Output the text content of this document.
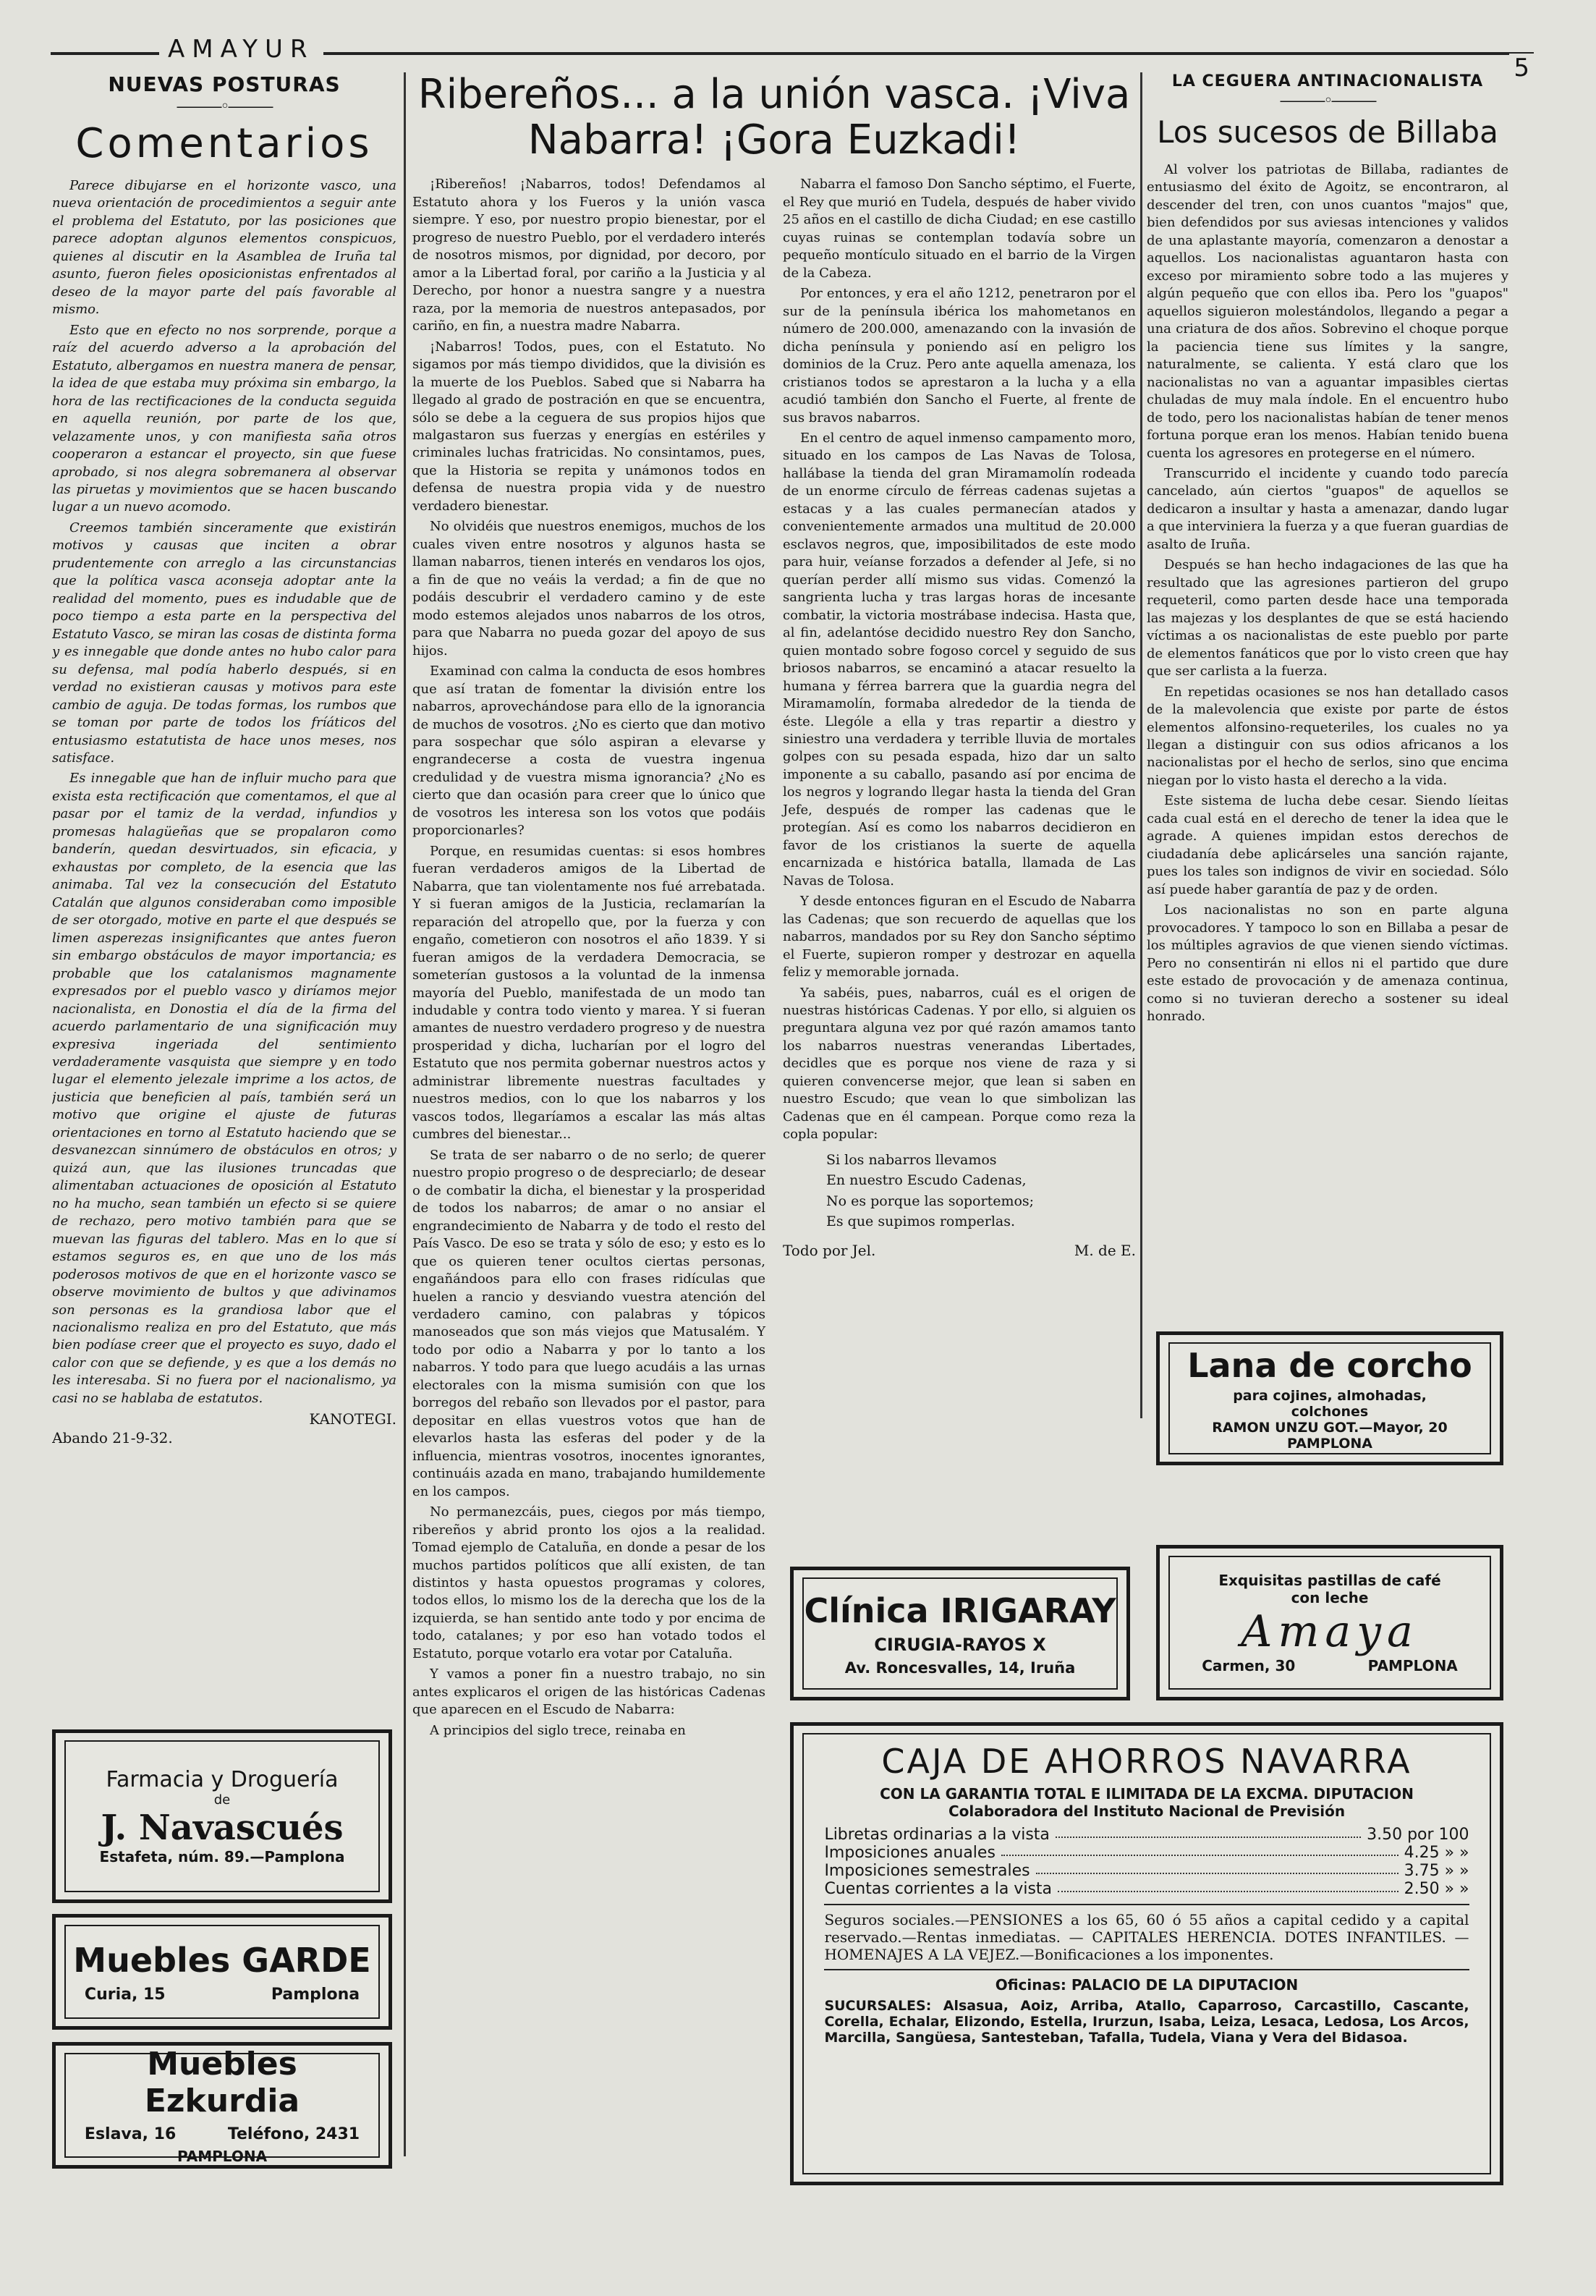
AMAYUR
5
NUEVAS POSTURAS
―――◦―――
Comentarios

Parece dibujarse en el horizonte vasco, una nueva orientación de procedimientos a seguir ante el problema del Estatuto, por las posiciones que parece adoptan algunos elementos conspicuos, quienes al discutir en la Asamblea de Iruña tal asunto, fueron fieles oposicionistas enfrentados al deseo de la mayor parte del país favorable al mismo.

Esto que en efecto no nos sorprende, porque a raíz del acuerdo adverso a la aprobación del Estatuto, albergamos en nuestra manera de pensar, la idea de que estaba muy próxima sin embargo, la hora de las rectificaciones de la conducta seguida en aquella reunión, por parte de los que, velazamente unos, y con manifiesta saña otros cooperaron a estancar el proyecto, sin que fuese aprobado, si nos alegra sobremanera al observar las piruetas y movimientos que se hacen buscando lugar a un nuevo acomodo.

Creemos también sinceramente que existirán motivos y causas que inciten a obrar prudentemente con arreglo a las circunstancias que la política vasca aconseja adoptar ante la realidad del momento, pues es indudable que de poco tiempo a esta parte en la perspectiva del Estatuto Vasco, se miran las cosas de distinta forma y es innegable que donde antes no hubo calor para su defensa, mal podía haberlo después, si en verdad no existieran causas y motivos para este cambio de aguja. De todas formas, los rumbos que se toman por parte de todos los fríáticos del entusiasmo estatutista de hace unos meses, nos satisface.

Es innegable que han de influir mucho para que exista esta rectificación que comentamos, el que al pasar por el tamiz de la verdad, infundios y promesas halagüeñas que se propalaron como banderín, quedan desvirtuados, sin eficacia, y exhaustas por completo, de la esencia que las animaba. Tal vez la consecución del Estatuto Catalán que algunos consideraban como imposible de ser otorgado, motive en parte el que después se limen asperezas insignificantes que antes fueron sin embargo obstáculos de mayor importancia; es probable que los catalanismos magnamente expresados por el pueblo vasco y diríamos mejor nacionalista, en Donostia el día de la firma del acuerdo parlamentario de una significación muy expresiva ingeriada del sentimiento verdaderamente vasquista que siempre y en todo lugar el elemento jelezale imprime a los actos, de justicia que beneficien al país, también será un motivo que origine el ajuste de futuras orientaciones en torno al Estatuto haciendo que se desvanezcan sinnúmero de obstáculos en otros; y quizá aun, que las ilusiones truncadas que alimentaban actuaciones de oposición al Estatuto no ha mucho, sean también un efecto si se quiere de rechazo, pero motivo también para que se muevan las figuras del tablero. Mas en lo que sí estamos seguros es, en que uno de los más poderosos motivos de que en el horizonte vasco se observe movimiento de bultos y que adivinamos son personas es la grandiosa labor que el nacionalismo realiza en pro del Estatuto, que más bien podíase creer que el proyecto es suyo, dado el calor con que se defiende, y es que a los demás no les interesaba. Si no fuera por el nacionalismo, ya casi no se hablaba de estatutos.

KANOTEGI.
Abando 21-9-32.
Ribereños... a la unión vasca. ¡Viva Nabarra! ¡Gora Euzkadi!

¡Ribereños! ¡Nabarros, todos! Defendamos al Estatuto ahora y los Fueros y la unión vasca siempre. Y eso, por nuestro propio bienestar, por el progreso de nuestro Pueblo, por el verdadero interés de nosotros mismos, por dignidad, por decoro, por amor a la Libertad foral, por cariño a la Justicia y al Derecho, por honor a nuestra sangre y a nuestra raza, por la memoria de nuestros antepasados, por cariño, en fin, a nuestra madre Nabarra.

¡Nabarros! Todos, pues, con el Estatuto. No sigamos por más tiempo divididos, que la división es la muerte de los Pueblos. Sabed que si Nabarra ha llegado al grado de postración en que se encuentra, sólo se debe a la ceguera de sus propios hijos que malgastaron sus fuerzas y energías en estériles y criminales luchas fratricidas. No consintamos, pues, que la Historia se repita y unámonos todos en defensa de nuestra propia vida y de nuestro verdadero bienestar.

No olvidéis que nuestros enemigos, muchos de los cuales viven entre nosotros y algunos hasta se llaman nabarros, tienen interés en vendaros los ojos, a fin de que no veáis la verdad; a fin de que no podáis descubrir el verdadero camino y de este modo estemos alejados unos nabarros de los otros, para que Nabarra no pueda gozar del apoyo de sus hijos.

Examinad con calma la conducta de esos hombres que así tratan de fomentar la división entre los nabarros, aprovechándose para ello de la ignorancia de muchos de vosotros. ¿No es cierto que dan motivo para sospechar que sólo aspiran a elevarse y engrandecerse a costa de vuestra ingenua credulidad y de vuestra misma ignorancia? ¿No es cierto que dan ocasión para creer que lo único que de vosotros les interesa son los votos que podáis proporcionarles?

Porque, en resumidas cuentas: si esos hombres fueran verdaderos amigos de la Libertad de Nabarra, que tan violentamente nos fué arrebatada. Y si fueran amigos de la Justicia, reclamarían la reparación del atropello que, por la fuerza y con engaño, cometieron con nosotros el año 1839. Y si fueran amigos de la verdadera Democracia, se someterían gustosos a la voluntad de la inmensa mayoría del Pueblo, manifestada de un modo tan indudable y contra todo viento y marea. Y si fueran amantes de nuestro verdadero progreso y de nuestra prosperidad y dicha, lucharían por el logro del Estatuto que nos permita gobernar nuestros actos y administrar libremente nuestras facultades y nuestros medios, con lo que los nabarros y los vascos todos, llegaríamos a escalar las más altas cumbres del bienestar...

Se trata de ser nabarro o de no serlo; de querer nuestro propio progreso o de despreciarlo; de desear o de combatir la dicha, el bienestar y la prosperidad de todos los nabarros; de amar o no ansiar el engrandecimiento de Nabarra y de todo el resto del País Vasco. De eso se trata y sólo de eso; y esto es lo que os quieren tener ocultos ciertas personas, engañándoos para ello con frases ridículas que huelen a rancio y desviando vuestra atención del verdadero camino, con palabras y tópicos manoseados que son más viejos que Matusalém. Y todo por odio a Nabarra y por lo tanto a los nabarros. Y todo para que luego acudáis a las urnas electorales con la misma sumisión con que los borregos del rebaño son llevados por el pastor, para depositar en ellas vuestros votos que han de elevarlos hasta las esferas del poder y de la influencia, mientras vosotros, inocentes ignorantes, continuáis azada en mano, trabajando humildemente en los campos.

No permanezcáis, pues, ciegos por más tiempo, ribereños y abrid pronto los ojos a la realidad. Tomad ejemplo de Cataluña, en donde a pesar de los muchos partidos políticos que allí existen, de tan distintos y hasta opuestos programas y colores, todos ellos, lo mismo los de la derecha que los de la izquierda, se han sentido ante todo y por encima de todo, catalanes; y por eso han votado todos el Estatuto, porque votarlo era votar por Cataluña.

Y vamos a poner fin a nuestro trabajo, no sin antes explicaros el origen de las históricas Cadenas que aparecen en el Escudo de Nabarra:

A principios del siglo trece, reinaba en

Nabarra el famoso Don Sancho séptimo, el Fuerte, el Rey que murió en Tudela, después de haber vivido 25 años en el castillo de dicha Ciudad; en ese castillo cuyas ruinas se contemplan todavía sobre un pequeño montículo situado en el barrio de la Virgen de la Cabeza.

Por entonces, y era el año 1212, penetraron por el sur de la península ibérica los mahometanos en número de 200.000, amenazando con la invasión de dicha península y poniendo así en peligro los dominios de la Cruz. Pero ante aquella amenaza, los cristianos todos se aprestaron a la lucha y a ella acudió también don Sancho el Fuerte, al frente de sus bravos nabarros.

En el centro de aquel inmenso campamento moro, situado en los campos de Las Navas de Tolosa, hallábase la tienda del gran Miramamolín rodeada de un enorme círculo de férreas cadenas sujetas a estacas y a las cuales permanecían atados y convenientemente armados una multitud de 20.000 esclavos negros, que, imposibilitados de este modo para huir, veíanse forzados a defender al Jefe, si no querían perder allí mismo sus vidas. Comenzó la sangrienta lucha y tras largas horas de incesante combatir, la victoria mostrábase indecisa. Hasta que, al fin, adelantóse decidido nuestro Rey don Sancho, quien montado sobre fogoso corcel y seguido de sus briosos nabarros, se encaminó a atacar resuelto la humana y férrea barrera que la guardia negra del Miramamolín, formaba alrededor de la tienda de éste. Llególe a ella y tras repartir a diestro y siniestro una verdadera y terrible lluvia de mortales golpes con su pesada espada, hizo dar un salto imponente a su caballo, pasando así por encima de los negros y logrando llegar hasta la tienda del Gran Jefe, después de romper las cadenas que le protegían. Así es como los nabarros decidieron en favor de los cristianos la suerte de aquella encarnizada e histórica batalla, llamada de Las Navas de Tolosa.

Y desde entonces figuran en el Escudo de Nabarra las Cadenas; que son recuerdo de aquellas que los nabarros, mandados por su Rey don Sancho séptimo el Fuerte, supieron romper y destrozar en aquella feliz y memorable jornada.

Ya sabéis, pues, nabarros, cuál es el origen de nuestras históricas Cadenas. Y por ello, si alguien os preguntara alguna vez por qué razón amamos tanto los nabarros nuestras venerandas Libertades, decidles que es porque nos viene de raza y si quieren convencerse mejor, que lean si saben en nuestro Escudo; que vean lo que simbolizan las Cadenas que en él campean. Porque como reza la copla popular:

Si los nabarros llevamos
En nuestro Escudo Cadenas,
No es porque las soportemos;
Es que supimos romperlas.
Todo por Jel.	M. de E.
LA CEGUERA ANTINACIONALISTA
―――◦―――
Los sucesos de Billaba

Al volver los patriotas de Billaba, radiantes de entusiasmo del éxito de Agoitz, se encontraron, al descender del tren, con unos cuantos "majos" que, bien defendidos por sus aviesas intenciones y validos de una aplastante mayoría, comenzaron a denostar a aquellos. Los nacionalistas aguantaron hasta con exceso por miramiento sobre todo a las mujeres y algún pequeño que con ellos iba. Pero los "guapos" aquellos siguieron molestándolos, llegando a pegar a una criatura de dos años. Sobrevino el choque porque la paciencia tiene sus límites y la sangre, naturalmente, se calienta. Y está claro que los nacionalistas no van a aguantar impasibles ciertas chuladas de muy mala índole. En el encuentro hubo de todo, pero los nacionalistas habían de tener menos fortuna porque eran los menos. Habían tenido buena cuenta los agresores en protegerse en el número.

Transcurrido el incidente y cuando todo parecía cancelado, aún ciertos "guapos" de aquellos se dedicaron a insultar y hasta a amenazar, dando lugar a que interviniera la fuerza y a que fueran guardias de asalto de Iruña.

Después se han hecho indagaciones de las que ha resultado que las agresiones partieron del grupo requeteril, como parten desde hace una temporada las majezas y los desplantes de que se está haciendo víctimas a os nacionalistas de este pueblo por parte de elementos fanáticos que por lo visto creen que hay que ser carlista a la fuerza.

En repetidas ocasiones se nos han detallado casos de la malevolencia que existe por parte de éstos elementos alfonsino-requeteriles, los cuales no ya llegan a distinguir con sus odios africanos a los nacionalistas por el hecho de serlos, sino que encima niegan por lo visto hasta el derecho a la vida.

Este sistema de lucha debe cesar. Siendo líeitas cada cual está en el derecho de tener la idea que le agrade. A quienes impidan estos derechos de ciudadanía debe aplicárseles una sanción rajante, pues los tales son indignos de vivir en sociedad. Sólo así puede haber garantía de paz y de orden.

Los nacionalistas no son en parte alguna provocadores. Y tampoco lo son en Billaba a pesar de los múltiples agravios de que vienen siendo víctimas. Pero no consentirán ni ellos ni el partido que dure este estado de provocación y de amenaza continua, como si no tuvieran derecho a sostener su ideal honrado.

Farmacia y Droguería
de
J. Navascués
Estafeta, núm. 89.—Pamplona
Muebles GARDE
Curia, 15	Pamplona
Muebles Ezkurdia
Eslava, 16	Teléfono, 2431
PAMPLONA
Clínica IRIGARAY
CIRUGIA-RAYOS X
Av. Roncesvalles, 14, Iruña
Lana de corcho
para cojines, almohadas,
colchones
RAMON UNZU GOT.—Mayor, 20
PAMPLONA
Exquisitas pastillas de café
con leche
Amaya
Carmen, 30	PAMPLONA
CAJA DE AHORROS NAVARRA
CON LA GARANTIA TOTAL E ILIMITADA DE LA EXCMA. DIPUTACION
Colaboradora del Instituto Nacional de Previsión
Libretas ordinarias a la vista	3.50 por 100
Imposiciones anuales	4.25 » »
Imposiciones semestrales	3.75 » »
Cuentas corrientes a la vista	2.50 » »
Seguros sociales.—PENSIONES a los 65, 60 ó 55 años a capital cedido y a capital reservado.—Rentas inmediatas. — CAPITALES HERENCIA. DOTES INFANTILES. — HOMENAJES A LA VEJEZ.—Bonificaciones a los imponentes.
Oficinas: PALACIO DE LA DIPUTACION
SUCURSALES: Alsasua, Aoiz, Arriba, Atallo, Caparroso, Carcastillo, Cascante, Corella, Echalar, Elizondo, Estella, Irurzun, Isaba, Leiza, Lesaca, Ledosa, Los Arcos, Marcilla, Sangüesa, Santesteban, Tafalla, Tudela, Viana y Vera del Bidasoa.
